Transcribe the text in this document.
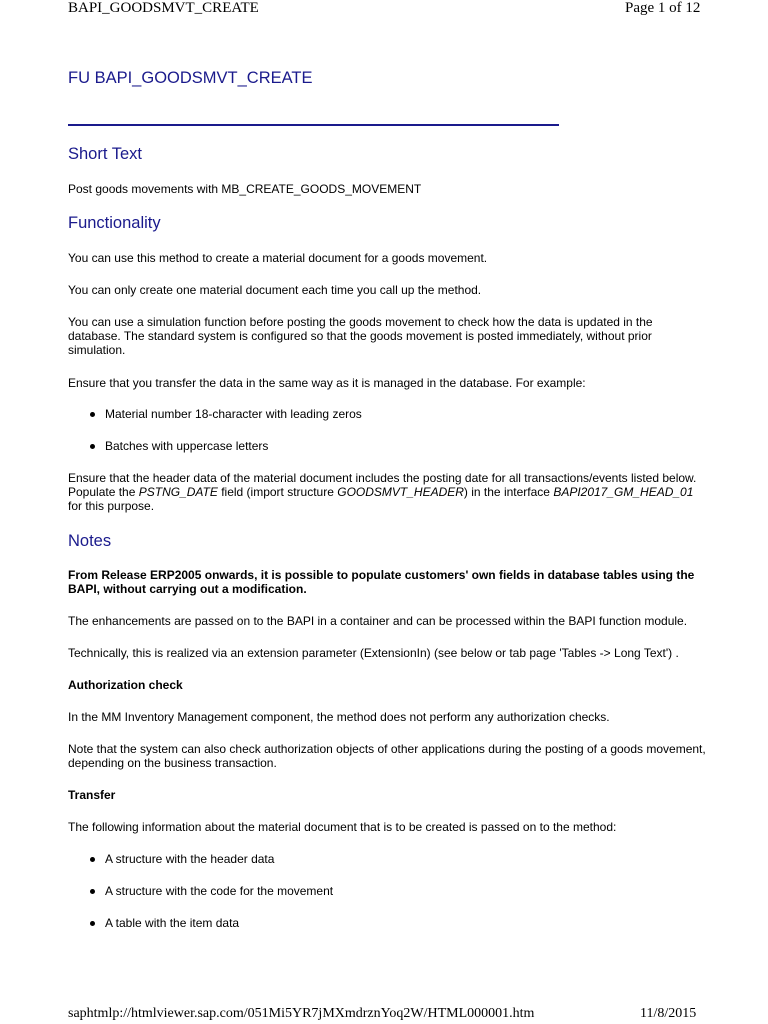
BAPI_GOODSMVT_CREATE	Page 1 of 12
FU BAPI_GOODSMVT_CREATE
Short Text
Post goods movements with MB_CREATE_GOODS_MOVEMENT
Functionality
You can use this method to create a material document for a goods movement.
You can only create one material document each time you call up the method.
You can use a simulation function before posting the goods movement to check how the data is updated in the database. The standard system is configured so that the goods movement is posted immediately, without prior simulation.
Ensure that you transfer the data in the same way as it is managed in the database. For example:
Material number 18-character with leading zeros
Batches with uppercase letters
Ensure that the header data of the material document includes the posting date for all transactions/events listed below. Populate the PSTNG_DATE field (import structure GOODSMVT_HEADER) in the interface BAPI2017_GM_HEAD_01 for this purpose.
Notes
From Release ERP2005 onwards, it is possible to populate customers' own fields in database tables using the BAPI, without carrying out a modification.
The enhancements are passed on to the BAPI in a container and can be processed within the BAPI function module.
Technically, this is realized via an extension parameter (ExtensionIn) (see below or tab page 'Tables -> Long Text') .
Authorization check
In the MM Inventory Management component, the method does not perform any authorization checks.
Note that the system can also check authorization objects of other applications during the posting of a goods movement, depending on the business transaction.
Transfer
The following information about the material document that is to be created is passed on to the method:
A structure with the header data
A structure with the code for the movement
A table with the item data
saphtmlp://htmlviewer.sap.com/051Mi5YR7jMXmdrznYoq2W/HTML000001.htm	11/8/2015
